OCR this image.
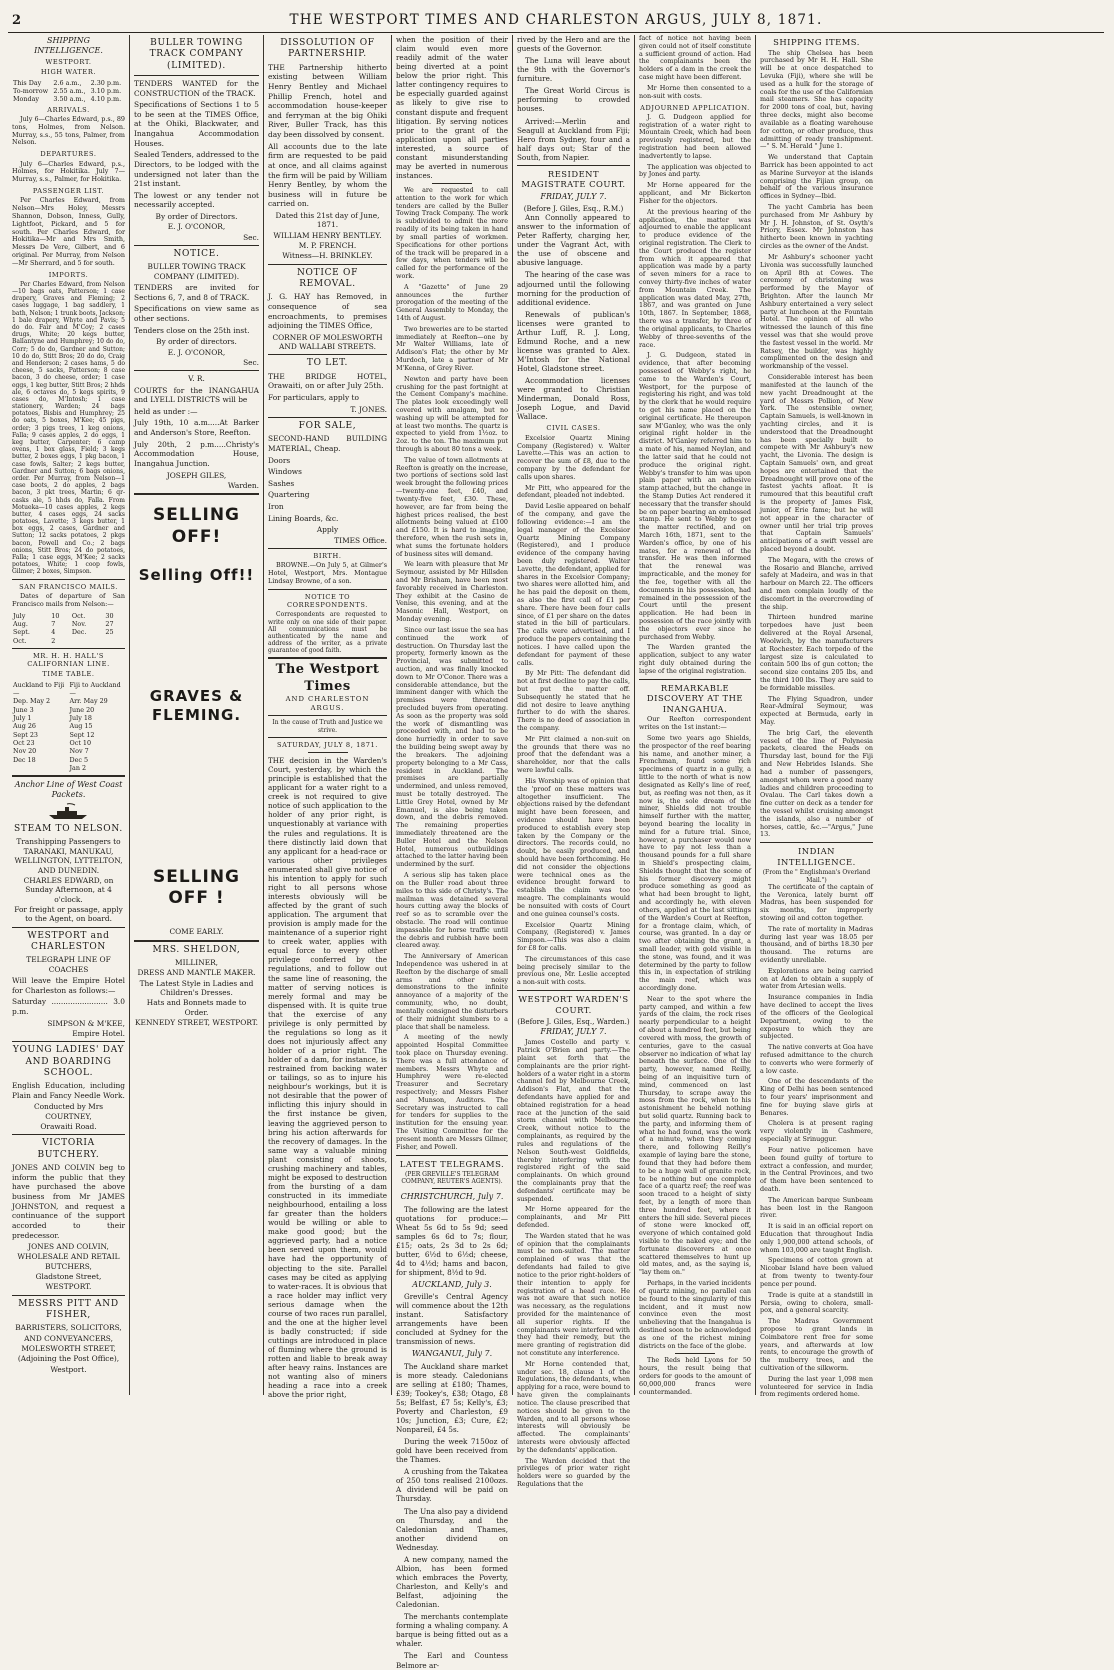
2	THE WESTPORT TIMES AND CHARLESTON ARGUS, JULY 8, 1871.
SHIPPING INTELLIGENCE.
WESTPORT.
HIGH WATER.
This Day	2.6 a.m.,	2.30 p.m.
To-morrow	2.55 a.m.,	3.10 p.m.
Monday	3.50 a.m.,	4.10 p.m.
ARRIVALS.

July 6—Charles Edward, p.s., 89 tons, Holmes, from Nelson. Murray, s.s., 55 tons, Palmer, from Nelson.

DEPARTURES.

July 6—Charles Edward, p.s., Holmes, for Hokitika. July 7—Murray, s.s., Palmer, for Hokitika.

PASSENGER LIST.

Per Charles Edward, from Nelson—Mrs Holey, Messrs Shannon, Dobson, Inness, Gully, Lightfoot, Pickard, and 5 for south. Per Charles Edward, for Hokitika—Mr and Mrs Smith, Messrs De Vere, Gilbert, and 6 original. Per Murray, from Nelson—Mr Sherrard, and 5 for south.

IMPORTS.

Per Charles Edward, from Nelson—10 bags oats, Patterson; 1 case drapery, Graves and Fleming; 2 cases luggage, 1 bag saddlery, 1 bath, Nelson; 1 trunk boots, Jackson; 1 bale drapery, Whyte and Pavis; 5 do do. Fair and M'Coy; 2 cases drugs, White; 20 kegs butter, Ballantyne and Humphrey; 10 do do, Corr; 5 do do, Gardner and Sutton; 10 do do, Stitt Bros; 20 do do, Craig and Henderson; 2 cases hams, 5 do cheese, 5 sacks, Patterson; 8 case bacon, 3 do cheese, order; 1 case eggs, 1 keg butter, Stitt Bros; 2 hhds ale, 6 octaves do, 5 kegs spirits, 9 cases do, M'Intosh; 1 case stationery, Warden; 24 bags potatoes, Bisbis and Humphrey; 25 do oats, 5 boxes, M'Kee; 45 pigs, order; 3 pigs trees, 1 keg onions, Falla; 9 cases apples, 2 do eggs, 1 keg butter, Carpenter; 6 camp ovens, 1 box glass, Field; 3 kegs butter, 2 boxes eggs, 1 pkg bacon, 1 case fowls, Salter; 2 kegs butter, Gardner and Sutton; 6 bags onions, order. Per Murray, from Nelson—1 case boots, 2 do apples, 2 bags bacon, 3 pkt trees, Martin; 6 qr-casks ale, 5 hhds do, Falla. From Motueka—10 cases apples, 2 kegs butter, 4 cases eggs, 24 sacks potatoes, Lavette; 3 kegs butter, 1 box eggs, 2 cases, Gardner and Sutton; 12 sacks potatoes, 2 pkgs bacon, Powell and Co.; 2 bags onions, Stitt Bros; 24 do potatoes, Falla; 1 case eggs, M'Kee; 2 sacks potatoes, White; 1 coop fowls, Gilmer; 2 boxes, Simpson.

SAN FRANCISCO MAILS.

Dates of departure of San Francisco mails from Nelson:—

July	10	Oct.	30
Aug.	7	Nov.	27
Sept.	4	Dec.	25
Oct.	2		
MR. H. H. HALL'S CALIFORNIAN LINE.
TIME TABLE.
Auckland to Fiji—	Fiji to Auckland—
Dep. May 2	Arr. May 29
June 3	June 20
July 1	July 18
Aug 26	Aug 15
Sept 23	Sept 12
Oct 23	Oct 10
Nov 20	Nov 7
Dec 18	Dec 5
	Jan 2
Anchor Line of West Coast Packets.
STEAM TO NELSON.
Transhipping Passengers to
TARANAKI, MANUKAU, WELLINGTON, LYTTELTON, AND DUNEDIN.
CHARLES EDWARD, on Sunday Afternoon, at 4 o'clock.
For freight or passage, apply to the Agent, on board.
WESTPORT and CHARLESTON
TELEGRAPH LINE OF COACHES
Will leave the Empire Hotel for Charleston as follows:—
Saturday ........................ 3.0 p.m.
SIMPSON & M'KEE,
Empire Hotel.
YOUNG LADIES' DAY AND BOARDING SCHOOL.
English Education, including Plain and Fancy Needle Work.
Conducted by Mrs COURTNEY,
Orawaiti Road.
VICTORIA BUTCHERY.
JONES AND COLVIN beg to inform the public that they have purchased the above business from Mr JAMES JOHNSTON, and request a continuance of the support accorded to their predecessor.
JONES AND COLVIN,
WHOLESALE AND RETAIL BUTCHERS,
Gladstone Street,
WESTPORT.
MESSRS PITT AND FISHER,
BARRISTERS, SOLICITORS,
AND CONVEYANCERS,
MOLESWORTH STREET,
(Adjoining the Post Office),
Westport.
BULLER TOWING TRACK COMPANY (LIMITED).
TENDERS WANTED for the CONSTRUCTION of the TRACK.
Specifications of Sections 1 to 5 to be seen at the TIMES Office, at the Ohiki, Blackwater, and Inangahua Accommodation Houses.
Sealed Tenders, addressed to the Directors, to be lodged with the undersigned not later than the 21st instant.
The lowest or any tender not necessarily accepted.
By order of Directors.
E. J. O'CONOR,
Sec.
NOTICE.
BULLER TOWING TRACK COMPANY (LIMITED).
TENDERS are invited for Sections 6, 7, and 8 of TRACK.
Specifications on view same as other sections.
Tenders close on the 25th inst.
By order of directors.
E. J. O'CONOR,
Sec.
V. R.
COURTS for the INANGAHUA and LYELL DISTRICTS will be
held as under :—
July 19th, 10 a.m.....At Barker and Anderson's Store, Reefton.
July 20th, 2 p.m.....Christy's Accommodation House, Inangahua Junction.
JOSEPH GILES,
Warden.
SELLING OFF!
Selling Off!!
GRAVES & FLEMING.
SELLING OFF !
COME EARLY.
MRS. SHELDON,
MILLINER,
DRESS AND MANTLE MAKER.
The Latest Style in Ladies and Children's Dresses.
Hats and Bonnets made to Order.
KENNEDY STREET, WESTPORT.
DISSOLUTION OF PARTNERSHIP.
THE Partnership hitherto existing between William Henry Bentley and Michael Phillip French, hotel and accommodation house-keeper and ferryman at the big Ohiki River, Buller Track, has this day been dissolved by consent.
All accounts due to the late firm are requested to be paid at once, and all claims against the firm will be paid by William Henry Bentley, by whom the business will in future be carried on.
Dated this 21st day of June, 1871.
WILLIAM HENRY BENTLEY.
M. P. FRENCH.
Witness—H. BRINKLEY.
NOTICE OF REMOVAL.
J. G. HAY has Removed, in consequence of sea encroachments, to premises adjoining the TIMES Office,
CORNER OF MOLESWORTH AND WALLABI STREETS.
TO LET.
THE BRIDGE HOTEL, Orawaiti, on or after July 25th.
For particulars, apply to
T. JONES.
FOR SALE,
SECOND-HAND BUILDING MATERIAL, Cheap.
Doors
Windows
Sashes
Quartering
Iron
Lining Boards, &c.
Apply
TIMES Office.
BIRTH.

BROWNE.—On July 5, at Gilmer's Hotel, Westport, Mrs. Montague Lindsay Browne, of a son.

NOTICE TO CORRESPONDENTS.

Correspondents are requested to write only on one side of their paper. All communications must be authenticated by the name and address of the writer, as a private guarantee of good faith.

The Westport Times
AND CHARLESTON ARGUS.
In the cause of Truth and Justice we strive.
SATURDAY, JULY 8, 1871.

THE decision in the Warden's Court, yesterday, by which the principle is established that the applicant for a water right to a creek is not required to give notice of such application to the holder of any prior right, is unquestionably at variance with the rules and regulations. It is there distinctly laid down that any applicant for a head-race or various other privileges enumerated shall give notice of his intention to apply for such right to all persons whose interests obviously will be affected by the grant of such application. The argument that provision is amply made for the maintenance of a superior right to creek water, applies with equal force to every other privilege conferred by the regulations, and to follow out the same line of reasoning, the matter of serving notices is merely formal and may be dispensed with. It is quite true that the exercise of any privilege is only permitted by the regulations so long as it does not injuriously affect any holder of a prior right. The holder of a dam, for instance, is restrained from backing water or tailings, so as to injure his neighbour's workings, but it is not desirable that the power of inflicting this injury should in the first instance be given, leaving the aggrieved person to bring his action afterwards for the recovery of damages. In the same way a valuable mining plant consisting of shoots, crushing machinery and tables, might be exposed to destruction from the bursting of a dam constructed in its immediate neighbourhood, entailing a loss far greater than the holders would be willing or able to make good good; but the aggrieved party, had a notice been served upon them, would have had the opportunity of objecting to the site. Parallel cases may be cited as applying to water-races. It is obvious that a race holder may inflict very serious damage when the course of two races run parallel, and the one at the higher level is badly constructed; if side cuttings are introduced in place of fluming where the ground is rotten and liable to break away after heavy rains. Instances are not wanting also of miners heading a race into a creek above the prior right,

when the position of their claim would even more readily admit of the water being diverted at a point below the prior right. This latter contingency requires to be especially guarded against as likely to give rise to constant dispute and frequent litigation. By serving notices prior to the grant of the application upon all parties interested, a source of constant misunderstanding may be averted in numerous instances.

We are requested to call attention to the work for which tenders are called by the Buller Towing Track Company. The work is subdivided to admit the more readily of its being taken in hand by small parties of workmen. Specifications for other portions of the track will be prepared in a few days, when tenders will be called for the performance of the work.

A "Gazette" of June 29 announces the further prorogation of the meeting of the General Assembly to Monday, the 14th of August.

Two breweries are to be started immediately at Reefton—one by Mr Walter Williams, late of Addison's Flat; the other by Mr Murdoch, late a partner of Mr M'Kenna, of Grey River.

Newton and party have been crushing for the past fortnight at the Cement Company's machine. The plates look exceedingly well covered with amalgam, but no washing up will be attempted for at least two months. The quartz is expected to yield from 1½oz. to 2oz. to the ton. The maximum put through is about 80 tons a week.

The value of town allotments at Reefton is greatly on the increase, two portions of sections sold last week brought the following prices—twenty-one feet, £40, and twenty-five feet, £30. These, however, are far from being the highest prices realised, the best allotments being valued at £100 and £150. It is hard to imagine, therefore, when the rush sets in, what sums the fortunate holders of business sites will demand.

We learn with pleasure that Mr Seymour, assisted by Mr Hillsden and Mr Brisham, have been most favorably received in Charleston. They exhibit at the Casino de Venise, this evening, and at the Masonic Hall, Westport, on Monday evening.

Since our last issue the sea has continued the work of destruction. On Thursday last the property, formerly known as the Provincial, was submitted to auction, and was finally knocked down to Mr O'Conor. There was a considerable attendance, but the imminent danger with which the premises were threatened precluded buyers from operating. As soon as the property was sold the work of dismantling was proceeded with, and had to be done hurriedly in order to save the building being swept away by the breakers. The adjoining property belonging to a Mr Cass, resident in Auckland. The premises are partially undermined, and unless removed, must be totally destroyed. The Little Grey Hotel, owned by Mr Emanuel, is also being taken down, and the debris removed. The remaining properties immediately threatened are the Buller Hotel and the Nelson Hotel, numerous outbuildings attached to the latter having been undermined by the surf.

A serious slip has taken place on the Buller road about three miles to this side of Christy's. The mailman was detained several hours cutting away the blocks of reef so as to scramble over the obstacle. The road will continue impassable for horse traffic until the debris and rubbish have been cleared away.

The Anniversary of American Independence was ushered in at Reefton by the discharge of small arms and other noisy demonstrations to the infinite annoyance of a majority of the community, who, no doubt, mentally consigned the disturbers of their midnight slumbers to a place that shall be nameless.

A meeting of the newly appointed Hospital Committee took place on Thursday evening. There was a full attendance of members. Messrs Whyte and Humphrey were re-elected Treasurer and Secretary respectively; and Messrs Fisher and Munson, Auditors. The Secretary was instructed to call for tenders for supplies to the institution for the ensuing year. The Visiting Committee for the present month are Messrs Gilmer, Fisher, and Powell.

LATEST TELEGRAMS.
(PER GREVILLE'S TELEGRAM COMPANY, REUTER'S AGENTS).
CHRISTCHURCH, July 7.

The following are the latest quotations for produce:—Wheat 5s 6d to 5s 9d; seed samples 6s 6d to 7s; flour, £15; oats, 2s 3d to 2s 6d; butter, 6½d to 6½d; cheese, 4d to 4½d; hams and bacon, for shipment, 8½d to 9d.

AUCKLAND, July 3.

Greville's Central Agency will commence about the 12th instant. Satisfactory arrangements have been concluded at Sydney for the transmission of news.

WANGANUI, July 7.

The Auckland share market is more steady. Caledonians are selling at £180; Thames, £39; Tookey's, £38; Otago, £8 5s; Belfast, £7 5s; Kelly's, £3; Poverty and Charleston, £9 10s; Junction, £3; Cure, £2; Nonpareil, £4 5s.

During the week 7150oz of gold have been received from the Thames.

A crushing from the Takatea of 250 tons realised 2100ozs. A dividend will be paid on Thursday.

The Una also pay a dividend on Thursday, and the Caledonian and Thames, another dividend on Wednesday.

A new company, named the Albion, has been formed which embraces the Poverty, Charleston, and Kelly's and Belfast, adjoining the Caledonian.

The merchants contemplate forming a whaling company. A barque is being fitted out as a whaler.

The Earl and Countess Belmore ar-

rived by the Hero and are the guests of the Governor.

The Luna will leave about the 9th with the Governor's furniture.

The Great World Circus is performing to crowded houses.

Arrived:—Merlin and Seagull at Auckland from Fiji; Hero from Sydney, four and a half days out; Star of the South, from Napier.

RESIDENT MAGISTRATE COURT.
FRIDAY, JULY 7.
(Before J. Giles, Esq., R.M.)

Ann Connolly appeared to answer to the information of Peter Rafferty, charging her, under the Vagrant Act, with the use of obscene and abusive language.

The hearing of the case was adjourned until the following morning for the production of additional evidence.

Renewals of publican's licenses were granted to Arthur Luff, R. J. Long, Edmund Roche, and a new license was granted to Alex. M'Intosh for the National Hotel, Gladstone street.

Accommodation licenses were granted to Christian Minderman, Donald Ross, Joseph Logue, and David Wallace.

CIVIL CASES.

Excelsior Quartz Mining Company (Registered) v. Walter Lavette.—This was an action to recover the sum of £8, due to the company by the defendant for calls upon shares.

Mr Pitt, who appeared for the defendant, pleaded not indebted.

David Leslie appeared on behalf of the company, and gave the following evidence:—I am the legal manager of the Excelsior Quartz Mining Company (Registered), and I produce evidence of the company having been duly registered. Walter Lavette, the defendant, applied for shares in the Excelsior Company; two shares were allotted him, and he has paid the deposit on them, as also the first call of £1 per share. There have been four calls since, of £1 per share on the dates stated in the bill of particulars. The calls were advertised, and I produce the papers containing the notices. I have called upon the defendant for payment of these calls.

By Mr Pitt: The defendant did not at first decline to pay the calls, but put the matter off. Subsequently he stated that he did not desire to leave anything further to do with the shares. There is no deed of association in the company.

Mr Pitt claimed a non-suit on the grounds that there was no proof that the defendant was a shareholder, nor that the calls were lawful calls.

His Worship was of opinion that the 'proof on these matters was altogether insufficient. The objections raised by the defendant might have been foreseen, and evidence should have been produced to establish every step taken by the Company or the directors. The records could, no doubt, be easily produced, and should have been forthcoming. He did not consider the objections were technical ones as the evidence brought forward to establish the claim was too meagre. The complainants would be nonsuited with costs of Court and one guinea counsel's costs.

Excelsior Quartz Mining Company, (Registered) v. James Simpson.—This was also a claim for £8 for calls.

The circumstances of this case being precisely similar to the previous one, Mr. Leslie accepted a non-suit with costs.

WESTPORT WARDEN'S COURT.
(Before J. Giles, Esq., Warden.)
FRIDAY, JULY 7.

James Costello and party v. Patrick O'Brien and party.—The plaint set forth that the complainants are the prior right-holders of a water right in a storm channel fed by Melbourne Creek, Addison's Flat, and that the defendants have applied for and obtained registration for a head race at the junction of the said storm channel with Melbourne Creek, without notice to the complainants, as required by the rules and regulations of the Nelson South-west Goldfields, thereby interfering with the registered right of the said complainants. On which ground the complainants pray that the defendants' certificate may be suspended.

Mr Horne appeared for the complainants, and Mr Pitt defended.

The Warden stated that he was of opinion that the complainants must be non-suited. The matter complained of was that the defendants had failed to give notice to the prior right-holders of their intention to apply for registration of a head race. He was not aware that such notice was necessary, as the regulations provided for the maintenance of all superior rights. If the complainants were interfered with they had their remedy, but the mere granting of registration did not constitute any interference.

Mr Horne contended that, under sec. 18, clause 1 of the Regulations, the defendants, when applying for a race, were bound to have given the complainants notice. The clause prescribed that notices should be given to the Warden, and to all persons whose interests will obviously be affected. The complainants' interests were obviously affected by the defendants' application.

The Warden decided that the privileges of prior water right holders were so guarded by the Regulations that the

fact of notice not having been given could not of itself constitute a sufficient ground of action. Had the complainants been the holders of a dam in the creek the case might have been different.

Mr Horne then consented to a non-suit with costs.

ADJOURNED APPLICATION.

J. G. Dudgeon applied for registration of a water right to Mountain Creek, which had been previously registered, but the registration had been allowed inadvertently to lapse.

The application was objected to by Jones and party.

Mr Horne appeared for the applicant, and Mr Bickerton Fisher for the objectors.

At the previous hearing of the application, the matter was adjourned to enable the applicant to produce evidence of the original registration. The Clerk to the Court produced the register from which it appeared that application was made by a party of seven miners for a race to convey thirty-five inches of water from Mountain Creek. The application was dated May, 27th, 1867, and was granted on June 10th, 1867. In September, 1868, there was a transfer, by three of the original applicants, to Charles Webby of three-sevenths of the race.

J. G. Dudgeon, stated in evidence, that after becoming possessed of Webby's right, he came to the Warden's Court, Westport, for the purpose of registering his right, and was told by the clerk that he would require to get his name placed on the original certificate. He thereupon saw M'Ganley, who was the only original right holder in the district. M'Ganley referred him to a mate of his, named Neylan, and the latter said that he could not produce the original right. Webby's transfer to him was upon plain paper with an adhesive stamp attached, but the change in the Stamp Duties Act rendered it necessary that the transfer should be on paper bearing an embossed stamp. He sent to Webby to get the matter rectified, and on March 16th, 1871, sent to the Warden's office, by one of his mates, for a renewal of the transfer. He was then informed that the renewal was impracticable, and the money for the fee, together with all the documents in his possession, had remained in the possession of the Court until the present application. He had been in possession of the race jointly with the objectors ever since he purchased from Webby.

The Warden granted the application, subject to any water right duly obtained during the lapse of the original registration.

REMARKABLE DISCOVERY AT THE INANGAHUA.

Our Reefton correspondent writes on the 1st instant:—

Some two years ago Shields, the prospector of the reef bearing his name, and another miner, a Frenchman, found some rich specimens of quartz in a gully, a little to the north of what is now designated as Kelly's line of reef, but, as reefing was not then, as it now is, the sole dream of the miner, Shields did not trouble himself further with the matter, beyond bearing the locality in mind for a future trial. Since, however, a purchaser would now have to pay not less than a thousand pounds for a full share in Shield's prospecting claim, Shields thought that the scene of his former discovery might produce something as good as what had been brought to light, and accordingly he, with eleven others, applied at the last sittings of the Warden's Court at Reefton, for a frontage claim, which, of course, was granted. In a day or two after obtaining the grant, a small leader, with gold visible in the stone, was found, and it was determined by the party to follow this in, in expectation of striking the main reef, which was accordingly done.

Near to the spot where the party camped, and within a few yards of the claim, the rock rises nearly perpendicular to a height of about a hundred feet, but being covered with moss, the growth of centuries, gave to the casual observer no indication of what lay beneath the surface. One of the party, however, named Reilly, being of an inquisitive turn of mind, commenced on last Thursday, to scrape away the moss from the rock, when to his astonishment he beheld nothing but solid quartz. Running back to the party, and informing them of what he had found, was the work of a minute, when they coming there, and following Reilly's example of laying bare the stone, found that they had before them to be a huge wall of granite rock, to be nothing but one complete face of a quartz reef; the reef was soon traced to a height of sixty feet, by a length of more than three hundred feet, where it enters the hill side. Several pieces of stone were knocked off, everyone of which contained gold visible to the naked eye; and the fortunate discoverers at once scattered themselves to hunt up old mates, and, as the saying is, "lay them on."

Perhaps, in the varied incidents of quartz mining, no parallel can be found to the singularity of this incident, and it must now convince even the most unbelieving that the Inangahua is destined soon to be acknowledged as one of the richest mining districts on the face of the globe.

The Reds held Lyons for 50 hours, the result being that orders for goods to the amount of 60,000,000 francs were countermanded.

SHIPPING ITEMS.

The ship Chelsea has been purchased by Mr H. H. Hall. She will be at once despatched to Levuka (Fiji), where she will be used as a hulk for the storage of coals for the use of the Californian mail steamers. She has capacity for 2000 tons of coal, but, having three decks, might also become available as a floating warehouse for cotton, or other produce, thus admitting of ready transhipment.—" S. M. Herald " June 1.

We understand that Captain Barrick has been appointed to act as Marine Surveyor at the islands comprising the Fijian group, on behalf of the various insurance offices in Sydney—Ibid.

The yacht Cambria has been purchased from Mr Ashbury by Mr J. H. Johnston, of St. Osyth's Priory, Essex. Mr Johnston has hitherto been known in yachting circles as the owner of the Andst.

Mr Ashbury's schooner yacht Livonia was successfully launched on April 8th at Cowes. The ceremony of christening was performed by the Mayor of Brighton. After the launch Mr Ashbury entertained a very select party at luncheon at the Fountain Hotel. The opinion of all who witnessed the launch of this fine vessel was that she would prove the fastest vessel in the world. Mr Ratsey, the builder, was highly complimented on the design and workmanship of the vessel.

Considerable interest has been manifested at the launch of the new yacht Dreadnought at the yard of Messrs Pollion, of New York. The ostensible owner, Captain Samuels, is well-known in yachting circles, and it is understood that the Dreadnought has been specially built to compete with Mr Ashbury's new yacht, the Livonia. The design is Captain Samuels' own, and great hopes are entertained that the Dreadnought will prove one of the fastest yachts afloat. It is rumoured that this beautiful craft is the property of James Fisk, junior, of Erie fame; but he will not appear in the character of owner until her trial trip proves that Captain Samuels' anticipations of a swift vessel are placed beyond a doubt.

The Megara, with the crews of the Rosario and Blanche, arrived safely at Madeira, and was in that harbour on March 22. The officers and men complain loudly of the discomfort in the overcrowding of the ship.

Thirteen hundred marine torpedoes have just been delivered at the Royal Arsenal, Woolwich, by the manufacturers at Rochester. Each torpedo of the largest size is calculated to contain 500 lbs of gun cotton; the second size contains 205 lbs, and the third 100 lbs. They are said to be formidable missiles.

The Flying Squadron, under Rear-Admiral Seymour, was expected at Bermuda, early in May.

The brig Carl, the eleventh vessel of the line of Polynesia packets, cleared the Heads on Thursday last, bound for the Fiji and New Hebrides Islands. She had a number of passengers, amongst whom were a good many ladies and children proceeding to Ovalau. The Carl takes down a fine cutter on deck as a tender for the vessel whilst cruising amongst the islands, also a number of horses, cattle, &c.—"Argus," June 13.

INDIAN INTELLIGENCE.
(From the " Englishman's Overland Mail.")

The certificate of the captain of the Veronica, lately burnt off Madras, has been suspended for six months, for improperly stowing oil and cotton together.

The rate of mortality in Madras during last year was 18.05 per thousand, and of births 18.30 per thousand. The returns are evidently unreliable.

Explorations are being carried on at Aden to obtain a supply of water from Artesian wells.

Insurance companies in India have declined to accept the lives of the officers of the Geological Department, owing to the exposure to which they are subjected.

The native converts at Goa have refused admittance to the church to converts who were formerly of a low caste.

One of the descendants of the King of Delhi has been sentenced to four years' imprisonment and fine for buying slave girls at Benares.

Cholera is at present raging very violently in Cashmere, especially at Srinuggur.

Four native policemen have been found guilty of torture to extract a confession, and murder, in the Central Provinces, and two of them have been sentenced to death.

The American barque Sunbeam has been lost in the Rangoon river.

It is said in an official report on Education that throughout India only 1,900,000 attend schools, of whom 103,000 are taught English.

Specimens of cotton grown at Nicobar Island have been valued at from twenty to twenty-four pence per pound.

Trade is quite at a standstill in Persia, owing to cholera, small-pox, and a general scarcity.

The Madras Government propose to grant lands in Coimbatore rent free for some years, and afterwards at low rents, to encourage the growth of the mulberry trees, and the cultivation of the silkworm.

During the last year 1,098 men volunteered for service in India from regiments ordered home.
